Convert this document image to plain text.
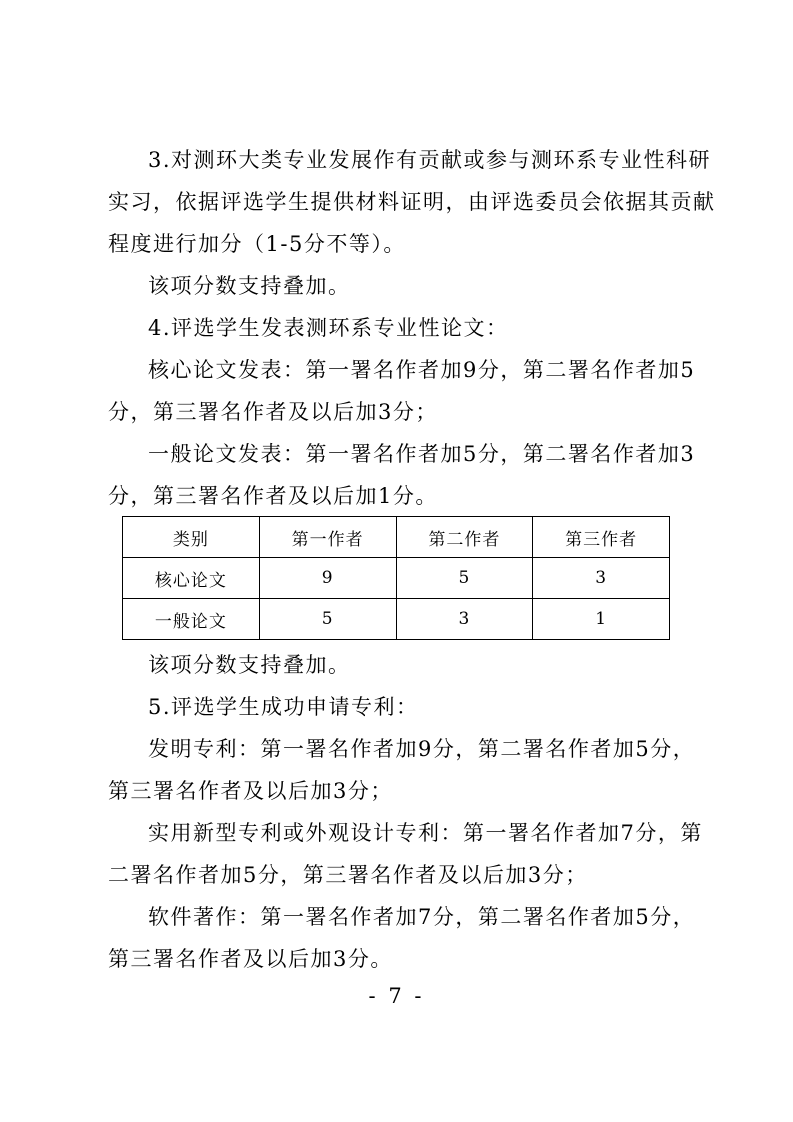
3.对测环大类专业发展作有贡献或参与测环系专业性科研
实习，依据评选学生提供材料证明，由评选委员会依据其贡献
程度进行加分（1-5分不等）。
该项分数支持叠加。
4.评选学生发表测环系专业性论文：
核心论文发表：第一署名作者加9分，第二署名作者加5
分，第三署名作者及以后加3分；
一般论文发表：第一署名作者加5分，第二署名作者加3
分，第三署名作者及以后加1分。
类别	第一作者	第二作者	第三作者
核心论文	9	5	3
一般论文	5	3	1
该项分数支持叠加。
5.评选学生成功申请专利：
发明专利：第一署名作者加9分，第二署名作者加5分，
第三署名作者及以后加3分；
实用新型专利或外观设计专利：第一署名作者加7分，第
二署名作者加5分，第三署名作者及以后加3分；
软件著作：第一署名作者加7分，第二署名作者加5分，
第三署名作者及以后加3分。
- 7 -
